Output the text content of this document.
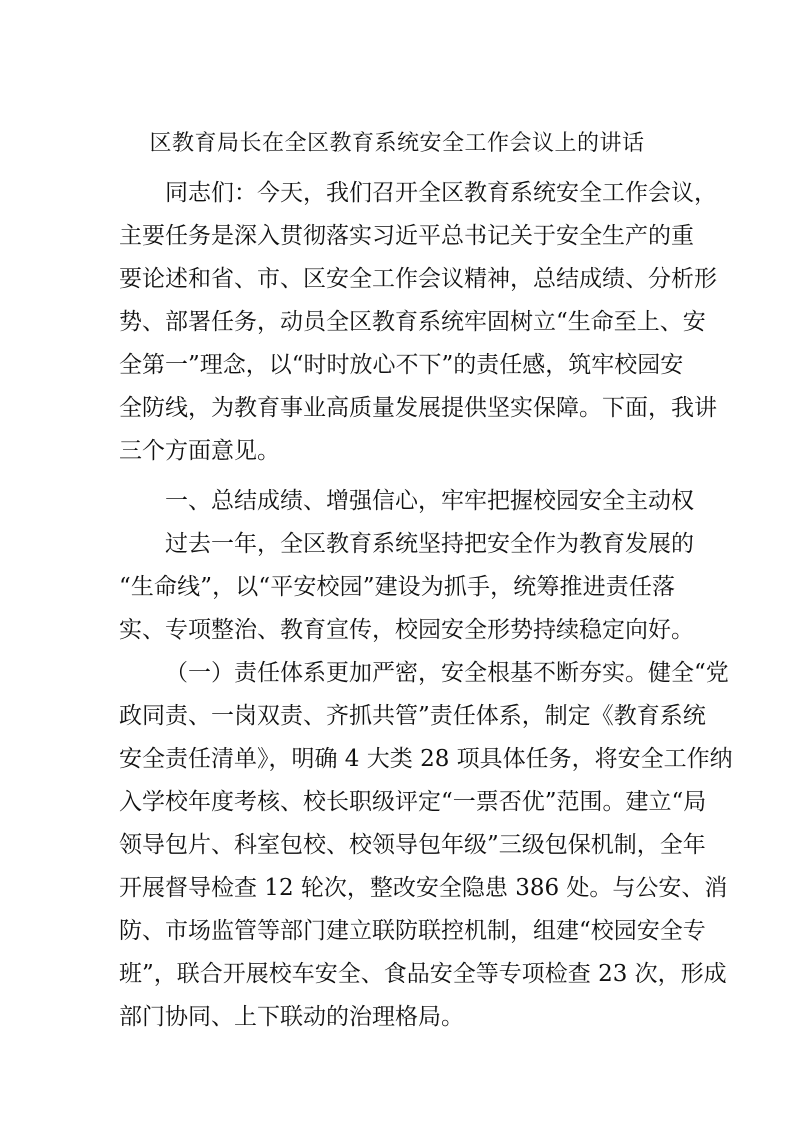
区教育局长在全区教育系统安全工作会议上的讲话
同志们：今天，我们召开全区教育系统安全工作会议，
主要任务是深入贯彻落实习近平总书记关于安全生产的重
要论述和省、市、区安全工作会议精神，总结成绩、分析形
势、部署任务，动员全区教育系统牢固树立“生命至上、安
全第一”理念，以“时时放心不下”的责任感，筑牢校园安
全防线，为教育事业高质量发展提供坚实保障。下面，我讲
三个方面意见。
一、总结成绩、增强信心，牢牢把握校园安全主动权
过去一年，全区教育系统坚持把安全作为教育发展的
“生命线”，以“平安校园”建设为抓手，统筹推进责任落
实、专项整治、教育宣传，校园安全形势持续稳定向好。
（一）责任体系更加严密，安全根基不断夯实。健全“党
政同责、一岗双责、齐抓共管”责任体系，制定《教育系统
安全责任清单》，明确 4 大类 28 项具体任务，将安全工作纳
入学校年度考核、校长职级评定“一票否优”范围。建立“局
领导包片、科室包校、校领导包年级”三级包保机制，全年
开展督导检查 12 轮次，整改安全隐患 386 处。与公安、消
防、市场监管等部门建立联防联控机制，组建“校园安全专
班”，联合开展校车安全、食品安全等专项检查 23 次，形成
部门协同、上下联动的治理格局。
